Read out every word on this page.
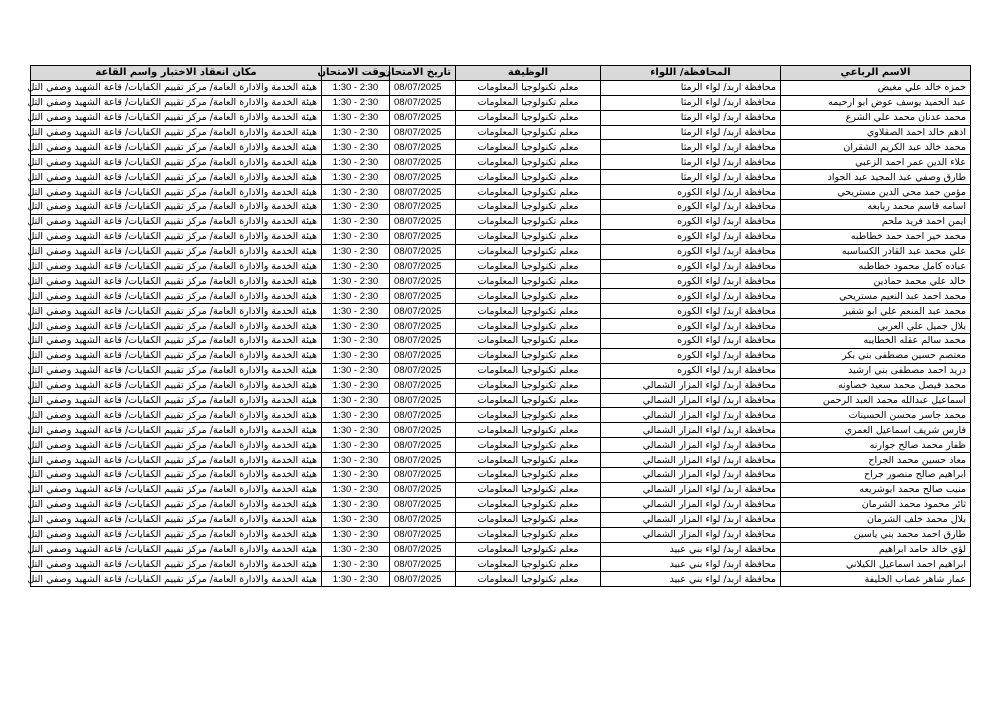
الاسم الرباعي	المحافظة/ اللواء	الوظيفة	تاريخ الامتحان	وقت الامتحان	مكان انعقاد الاختبار واسم القاعة
حمزه خالد علي مغيض	محافظة اربد/ لواء الرمثا	معلم تكنولوجيا المعلومات	08/07/2025	1:30 - 2:30	هيئة الخدمة والادارة العامة/ مركز تقييم الكفايات/ قاعة الشهيد وصفي التل
عبد الحميد يوسف عوض ابو ارحيمه	محافظة اربد/ لواء الرمثا	معلم تكنولوجيا المعلومات	08/07/2025	1:30 - 2:30	هيئة الخدمة والادارة العامة/ مركز تقييم الكفايات/ قاعة الشهيد وصفي التل
محمد عدنان محمد علي الشرع	محافظة اربد/ لواء الرمثا	معلم تكنولوجيا المعلومات	08/07/2025	1:30 - 2:30	هيئة الخدمة والادارة العامة/ مركز تقييم الكفايات/ قاعة الشهيد وصفي التل
ادهم خالد احمد الصقلاوي	محافظة اربد/ لواء الرمثا	معلم تكنولوجيا المعلومات	08/07/2025	1:30 - 2:30	هيئة الخدمة والادارة العامة/ مركز تقييم الكفايات/ قاعة الشهيد وصفي التل
محمد خالد عبد الكريم الشقران	محافظة اربد/ لواء الرمثا	معلم تكنولوجيا المعلومات	08/07/2025	1:30 - 2:30	هيئة الخدمة والادارة العامة/ مركز تقييم الكفايات/ قاعة الشهيد وصفي التل
علاء الدين عمر احمد الزعبي	محافظة اربد/ لواء الرمثا	معلم تكنولوجيا المعلومات	08/07/2025	1:30 - 2:30	هيئة الخدمة والادارة العامة/ مركز تقييم الكفايات/ قاعة الشهيد وصفي التل
طارق وصفي عبد المجيد عبد الجواد	محافظة اربد/ لواء الرمثا	معلم تكنولوجيا المعلومات	08/07/2025	1:30 - 2:30	هيئة الخدمة والادارة العامة/ مركز تقييم الكفايات/ قاعة الشهيد وصفي التل
مؤمن حمد محي الدين مستريحي	محافظة اربد/ لواء الكوره	معلم تكنولوجيا المعلومات	08/07/2025	1:30 - 2:30	هيئة الخدمة والادارة العامة/ مركز تقييم الكفايات/ قاعة الشهيد وصفي التل
اسامه قاسم محمد ربابعه	محافظة اربد/ لواء الكوره	معلم تكنولوجيا المعلومات	08/07/2025	1:30 - 2:30	هيئة الخدمة والادارة العامة/ مركز تقييم الكفايات/ قاعة الشهيد وصفي التل
ايمن احمد فريد ملحم	محافظة اربد/ لواء الكوره	معلم تكنولوجيا المعلومات	08/07/2025	1:30 - 2:30	هيئة الخدمة والادارة العامة/ مركز تقييم الكفايات/ قاعة الشهيد وصفي التل
محمد خير احمد حمد خطاطبه	محافظة اربد/ لواء الكوره	معلم تكنولوجيا المعلومات	08/07/2025	1:30 - 2:30	هيئة الخدمة والادارة العامة/ مركز تقييم الكفايات/ قاعة الشهيد وصفي التل
علي محمد عبد القادر الكساسبه	محافظة اربد/ لواء الكوره	معلم تكنولوجيا المعلومات	08/07/2025	1:30 - 2:30	هيئة الخدمة والادارة العامة/ مركز تقييم الكفايات/ قاعة الشهيد وصفي التل
عباده كامل محمود خطاطبه	محافظة اربد/ لواء الكوره	معلم تكنولوجيا المعلومات	08/07/2025	1:30 - 2:30	هيئة الخدمة والادارة العامة/ مركز تقييم الكفايات/ قاعة الشهيد وصفي التل
خالد علي محمد حمادين	محافظة اربد/ لواء الكوره	معلم تكنولوجيا المعلومات	08/07/2025	1:30 - 2:30	هيئة الخدمة والادارة العامة/ مركز تقييم الكفايات/ قاعة الشهيد وصفي التل
محمد احمد عبد النعيم مستريحي	محافظة اربد/ لواء الكوره	معلم تكنولوجيا المعلومات	08/07/2025	1:30 - 2:30	هيئة الخدمة والادارة العامة/ مركز تقييم الكفايات/ قاعة الشهيد وصفي التل
محمد عبد المنعم علي ابو شقير	محافظة اربد/ لواء الكوره	معلم تكنولوجيا المعلومات	08/07/2025	1:30 - 2:30	هيئة الخدمة والادارة العامة/ مركز تقييم الكفايات/ قاعة الشهيد وصفي التل
بلال جميل علي العربي	محافظة اربد/ لواء الكوره	معلم تكنولوجيا المعلومات	08/07/2025	1:30 - 2:30	هيئة الخدمة والادارة العامة/ مركز تقييم الكفايات/ قاعة الشهيد وصفي التل
محمد سالم عقله الخطايبه	محافظة اربد/ لواء الكوره	معلم تكنولوجيا المعلومات	08/07/2025	1:30 - 2:30	هيئة الخدمة والادارة العامة/ مركز تقييم الكفايات/ قاعة الشهيد وصفي التل
معتصم حسين مصطفى بني بكر	محافظة اربد/ لواء الكوره	معلم تكنولوجيا المعلومات	08/07/2025	1:30 - 2:30	هيئة الخدمة والادارة العامة/ مركز تقييم الكفايات/ قاعة الشهيد وصفي التل
دريد احمد مصطفى بني ارشيد	محافظة اربد/ لواء الكوره	معلم تكنولوجيا المعلومات	08/07/2025	1:30 - 2:30	هيئة الخدمة والادارة العامة/ مركز تقييم الكفايات/ قاعة الشهيد وصفي التل
محمد فيصل محمد سعيد خصاونه	محافظة اربد/ لواء المزار الشمالي	معلم تكنولوجيا المعلومات	08/07/2025	1:30 - 2:30	هيئة الخدمة والادارة العامة/ مركز تقييم الكفايات/ قاعة الشهيد وصفي التل
اسماعيل عبدالله محمد العبد الرحمن	محافظة اربد/ لواء المزار الشمالي	معلم تكنولوجيا المعلومات	08/07/2025	1:30 - 2:30	هيئة الخدمة والادارة العامة/ مركز تقييم الكفايات/ قاعة الشهيد وصفي التل
محمد جاسر محسن الحسينات	محافظة اربد/ لواء المزار الشمالي	معلم تكنولوجيا المعلومات	08/07/2025	1:30 - 2:30	هيئة الخدمة والادارة العامة/ مركز تقييم الكفايات/ قاعة الشهيد وصفي التل
فارس شريف اسماعيل العمري	محافظة اربد/ لواء المزار الشمالي	معلم تكنولوجيا المعلومات	08/07/2025	1:30 - 2:30	هيئة الخدمة والادارة العامة/ مركز تقييم الكفايات/ قاعة الشهيد وصفي التل
ظفار محمد صالح جوارنه	محافظة اربد/ لواء المزار الشمالي	معلم تكنولوجيا المعلومات	08/07/2025	1:30 - 2:30	هيئة الخدمة والادارة العامة/ مركز تقييم الكفايات/ قاعة الشهيد وصفي التل
معاذ حسين محمد الجراح	محافظة اربد/ لواء المزار الشمالي	معلم تكنولوجيا المعلومات	08/07/2025	1:30 - 2:30	هيئة الخدمة والادارة العامة/ مركز تقييم الكفايات/ قاعة الشهيد وصفي التل
ابراهيم صالح منصور جراح	محافظة اربد/ لواء المزار الشمالي	معلم تكنولوجيا المعلومات	08/07/2025	1:30 - 2:30	هيئة الخدمة والادارة العامة/ مركز تقييم الكفايات/ قاعة الشهيد وصفي التل
منيب صالح محمد ابوشريعه	محافظة اربد/ لواء المزار الشمالي	معلم تكنولوجيا المعلومات	08/07/2025	1:30 - 2:30	هيئة الخدمة والادارة العامة/ مركز تقييم الكفايات/ قاعة الشهيد وصفي التل
ثائر محمود محمد الشرمان	محافظة اربد/ لواء المزار الشمالي	معلم تكنولوجيا المعلومات	08/07/2025	1:30 - 2:30	هيئة الخدمة والادارة العامة/ مركز تقييم الكفايات/ قاعة الشهيد وصفي التل
بلال محمد خلف الشرمان	محافظة اربد/ لواء المزار الشمالي	معلم تكنولوجيا المعلومات	08/07/2025	1:30 - 2:30	هيئة الخدمة والادارة العامة/ مركز تقييم الكفايات/ قاعة الشهيد وصفي التل
طارق احمد محمد بني ياسين	محافظة اربد/ لواء المزار الشمالي	معلم تكنولوجيا المعلومات	08/07/2025	1:30 - 2:30	هيئة الخدمة والادارة العامة/ مركز تقييم الكفايات/ قاعة الشهيد وصفي التل
لؤي خالد حامد ابراهيم	محافظة اربد/ لواء بني عبيد	معلم تكنولوجيا المعلومات	08/07/2025	1:30 - 2:30	هيئة الخدمة والادارة العامة/ مركز تقييم الكفايات/ قاعة الشهيد وصفي التل
ابراهيم احمد اسماعيل الكيلاني	محافظة اربد/ لواء بني عبيد	معلم تكنولوجيا المعلومات	08/07/2025	1:30 - 2:30	هيئة الخدمة والادارة العامة/ مركز تقييم الكفايات/ قاعة الشهيد وصفي التل
عمار شاهر غصاب الخليفة	محافظة اربد/ لواء بني عبيد	معلم تكنولوجيا المعلومات	08/07/2025	1:30 - 2:30	هيئة الخدمة والادارة العامة/ مركز تقييم الكفايات/ قاعة الشهيد وصفي التل
